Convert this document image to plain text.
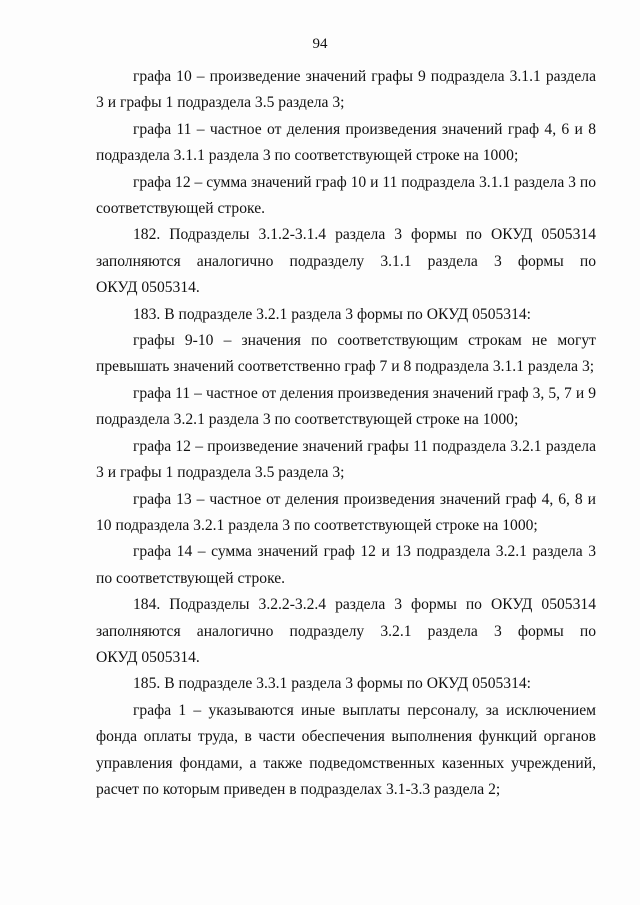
94

графа 10 – произведение значений графы 9 подраздела 3.1.1 раздела 3 и графы 1 подраздела 3.5 раздела 3;

графа 11 – частное от деления произведения значений граф 4, 6 и 8 подраздела 3.1.1 раздела 3 по соответствующей строке на 1000;

графа 12 – сумма значений граф 10 и 11 подраздела 3.1.1 раздела 3 по соответствующей строке.

182. Подразделы 3.1.2-3.1.4 раздела 3 формы по ОКУД 0505314 заполняются аналогично подразделу 3.1.1 раздела 3 формы по

ОКУД 0505314.

183. В подразделе 3.2.1 раздела 3 формы по ОКУД 0505314:

графы 9-10 – значения по соответствующим строкам не могут превышать значений соответственно граф 7 и 8 подраздела 3.1.1 раздела 3;

графа 11 – частное от деления произведения значений граф 3, 5, 7 и 9 подраздела 3.2.1 раздела 3 по соответствующей строке на 1000;

графа 12 – произведение значений графы 11 подраздела 3.2.1 раздела 3 и графы 1 подраздела 3.5 раздела 3;

графа 13 – частное от деления произведения значений граф 4, 6, 8 и 10 подраздела 3.2.1 раздела 3 по соответствующей строке на 1000;

графа 14 – сумма значений граф 12 и 13 подраздела 3.2.1 раздела 3 по соответствующей строке.

184. Подразделы 3.2.2-3.2.4 раздела 3 формы по ОКУД 0505314 заполняются аналогично подразделу 3.2.1 раздела 3 формы по

ОКУД 0505314.

185. В подразделе 3.3.1 раздела 3 формы по ОКУД 0505314:

графа 1 – указываются иные выплаты персоналу, за исключением фонда оплаты труда, в части обеспечения выполнения функций органов управления фондами, а также подведомственных казенных учреждений, расчет по которым приведен в подразделах 3.1-3.3 раздела 2;
